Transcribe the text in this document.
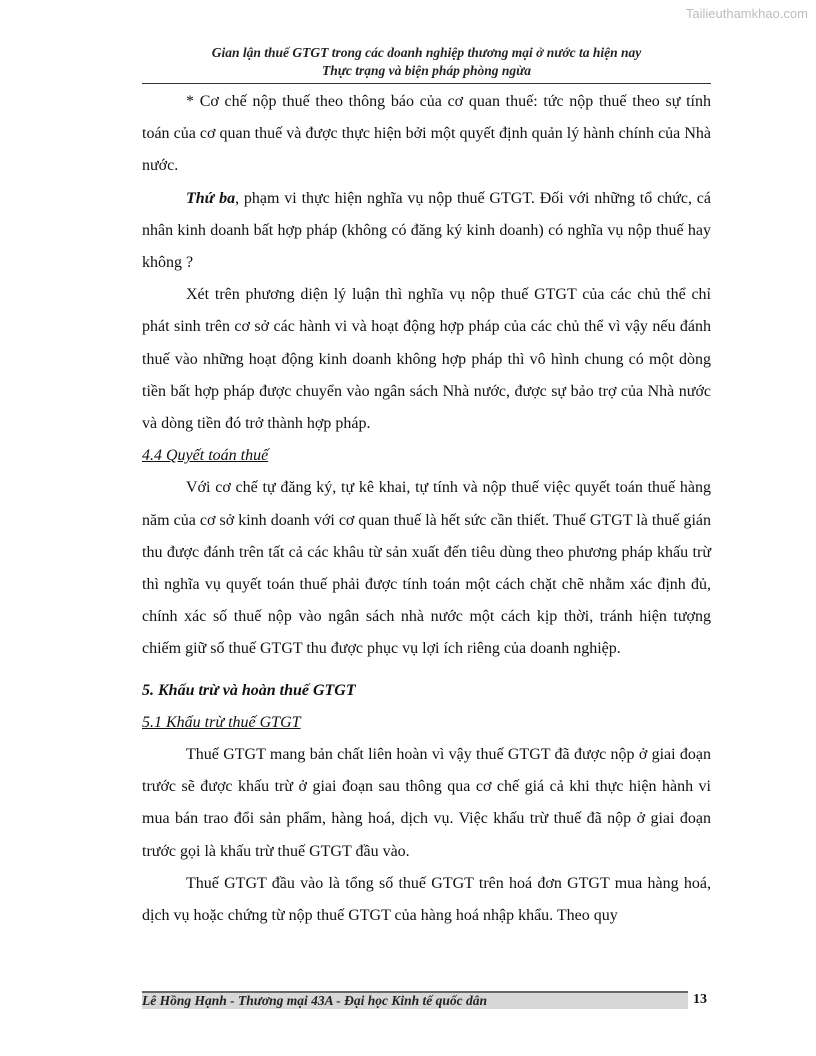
Tailieuthamkhao.com
Gian lận thuế GTGT trong các doanh nghiệp thương mại ở nước ta hiện nay
Thực trạng và biện pháp phòng ngừa

* Cơ chế nộp thuế theo thông báo của cơ quan thuế: tức nộp thuế theo sự tính toán của cơ quan thuế và được thực hiện bởi một quyết định quản lý hành chính của Nhà nước.

Thứ ba, phạm vi thực hiện nghĩa vụ nộp thuế GTGT. Đối với những tổ chức, cá nhân kinh doanh bất hợp pháp (không có đăng ký kinh doanh) có nghĩa vụ nộp thuế hay không ?

Xét trên phương diện lý luận thì nghĩa vụ nộp thuế GTGT của các chủ thể chỉ phát sinh trên cơ sở các hành vi và hoạt động hợp pháp của các chủ thể vì vậy nếu đánh thuế vào những hoạt động kinh doanh không hợp pháp thì vô hình chung có một dòng tiền bất hợp pháp được chuyển vào ngân sách Nhà nước, được sự bảo trợ của Nhà nước và dòng tiền đó trở thành hợp pháp.

4.4 Quyết toán thuế

Với cơ chế tự đăng ký, tự kê khai, tự tính và nộp thuế việc quyết toán thuế hàng năm của cơ sở kinh doanh với cơ quan thuế là hết sức cần thiết. Thuế GTGT là thuế gián thu được đánh trên tất cả các khâu từ sản xuất đến tiêu dùng theo phương pháp khấu trừ thì nghĩa vụ quyết toán thuế phải được tính toán một cách chặt chẽ nhằm xác định đủ, chính xác số thuế nộp vào ngân sách nhà nước một cách kịp thời, tránh hiện tượng chiếm giữ số thuế GTGT thu được phục vụ lợi ích riêng của doanh nghiệp.

5. Khấu trừ và hoàn thuế GTGT

5.1 Khấu trừ thuế GTGT

Thuế GTGT mang bản chất liên hoàn vì vậy thuế GTGT đã được nộp ở giai đoạn trước sẽ được khấu trừ ở giai đoạn sau thông qua cơ chế giá cả khi thực hiện hành vi mua bán trao đổi sản phẩm, hàng hoá, dịch vụ. Việc khấu trừ thuế đã nộp ở giai đoạn trước gọi là khấu trừ thuế GTGT đầu vào.

Thuế GTGT đầu vào là tổng số thuế GTGT trên hoá đơn GTGT mua hàng hoá, dịch vụ hoặc chứng từ nộp thuế GTGT của hàng hoá nhập khẩu. Theo quy

Lê Hồng Hạnh - Thương mại 43A - Đại học Kinh tế quốc dân	13
